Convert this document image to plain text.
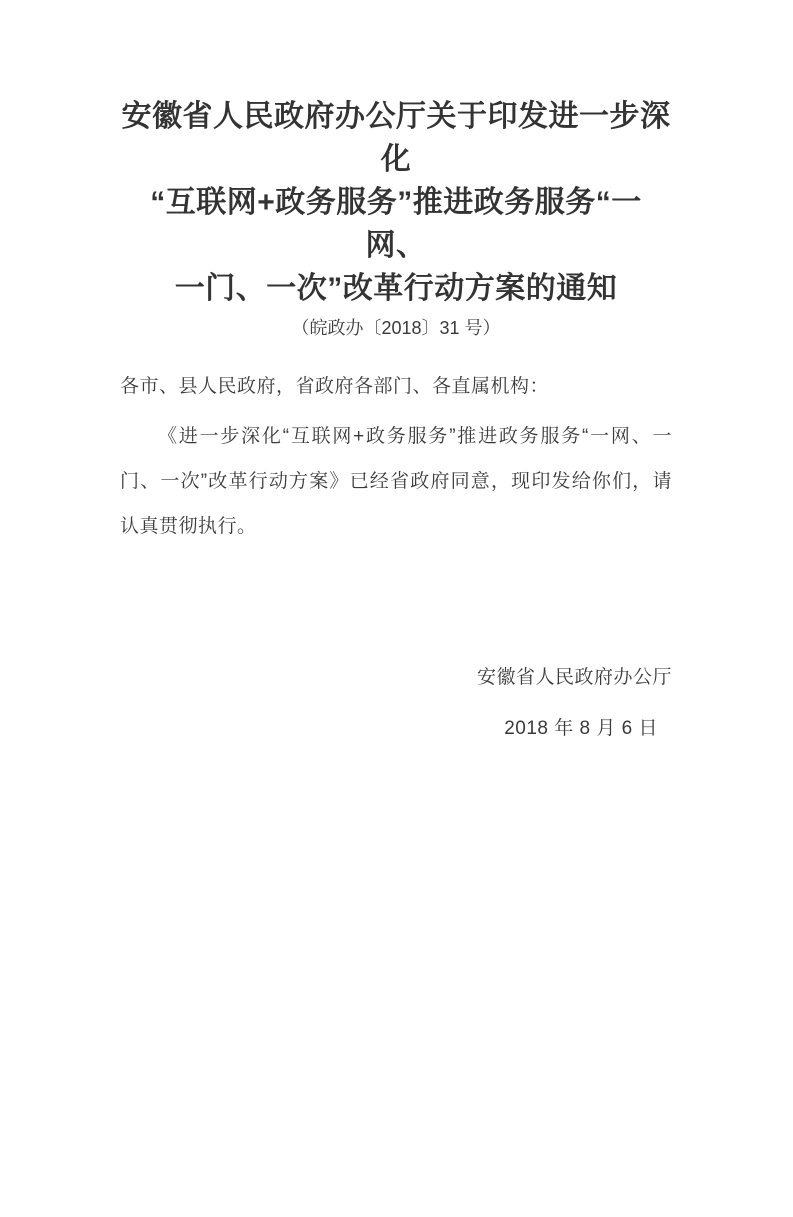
安徽省人民政府办公厅关于印发进一步深
化
“互联网+政务服务”推进政务服务“一网、
一门、一次”改革行动方案的通知
（皖政办〔2018〕31 号）
各市、县人民政府，省政府各部门、各直属机构：

《进一步深化“互联网+政务服务”推进政务服务“一网、一门、一次”改革行动方案》已经省政府同意，现印发给你们，请认真贯彻执行。

安徽省人民政府办公厅
2018 年 8 月 6 日
